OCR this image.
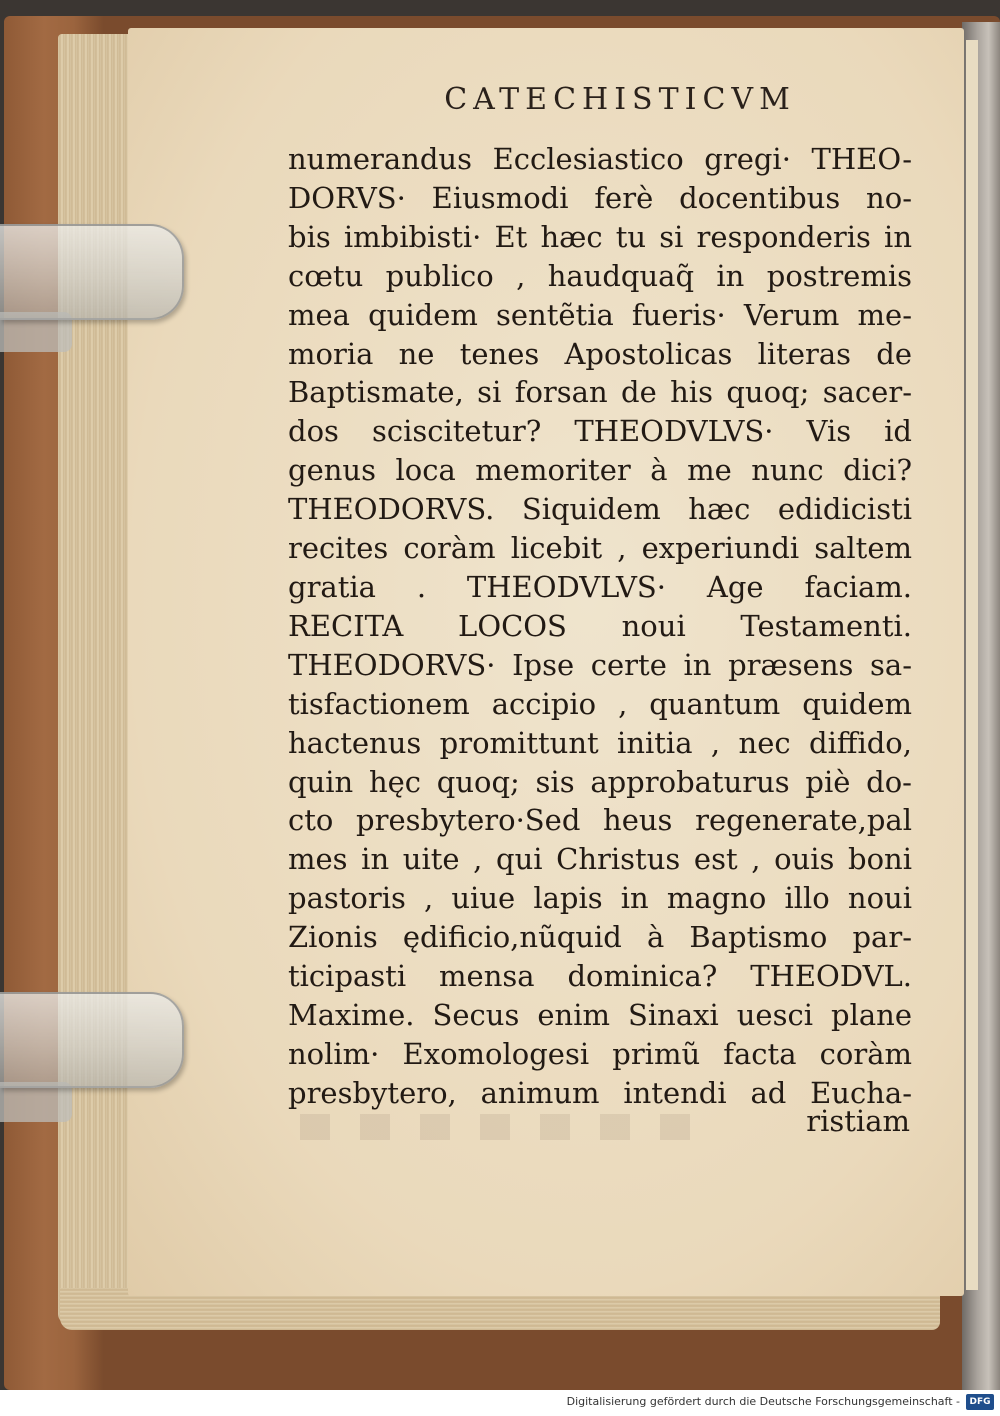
CATECHISTICVM
numerandus Ecclesiastico gregi· THEO-
DORVS· Eiusmodi ferè docentibus no-
bis imbibisti· Et hæc tu si responderis in
cœtu publico , haudquaq̃ in postremis
mea quidem sentẽtia fueris· Verum me-
moria ne tenes Apostolicas literas de
Baptismate, si forsan de his quoq; sacer-
dos sciscitetur? THEODVLVS· Vis id
genus loca memoriter à me nunc dici?
THEODORVS. Siquidem hæc edidicisti
recites coràm licebit , experiundi saltem
gratia . THEODVLVS· Age faciam.
RECITA LOCOS noui Testamenti.
THEODORVS· Ipse certe in præsens sa-
tisfactionem accipio , quantum quidem
hactenus promittunt initia , nec diffido,
quin hęc quoq; sis approbaturus piè do-
cto presbytero·Sed heus regenerate,pal
mes in uite , qui Christus est , ouis boni
pastoris , uiue lapis in magno illo noui
Zionis ędificio,nũquid à Baptismo par-
ticipasti mensa dominica? THEODVL.
Maxime. Secus enim Sinaxi uesci plane
nolim· Exomologesi primũ facta coràm
presbytero, animum intendi ad Eucha-
ristiam
Digitalisierung gefördert durch die Deutsche Forschungsgemeinschaft -	DFG
